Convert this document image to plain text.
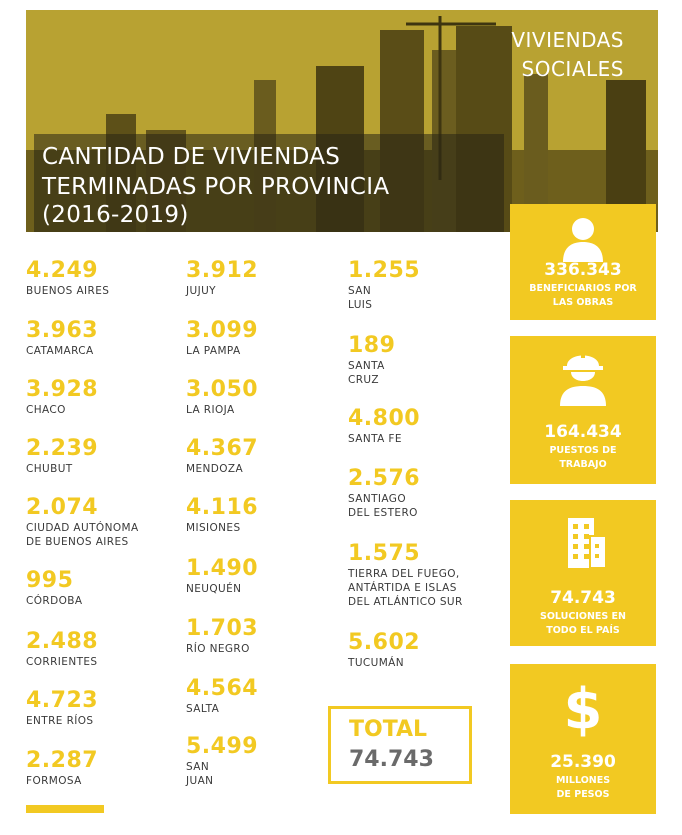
CANTIDAD DE VIVIENDAS
TERMINADAS POR PROVINCIA
(2016-2019)
VIVIENDAS
SOCIALES
4.249
BUENOS AIRES
3.963
CATAMARCA
3.928
CHACO
2.239
CHUBUT
2.074
CIUDAD AUTÓNOMA
DE BUENOS AIRES
995
CÓRDOBA
2.488
CORRIENTES
4.723
ENTRE RÍOS
2.287
FORMOSA
3.912
JUJUY
3.099
LA PAMPA
3.050
LA RIOJA
4.367
MENDOZA
4.116
MISIONES
1.490
NEUQUÉN
1.703
RÍO NEGRO
4.564
SALTA
5.499
SAN
JUAN
1.255
SAN
LUIS
189
SANTA
CRUZ
4.800
SANTA FE
2.576
SANTIAGO
DEL ESTERO
1.575
TIERRA DEL FUEGO,
ANTÁRTIDA E ISLAS
DEL ATLÁNTICO SUR
5.602
TUCUMÁN
TOTAL
74.743
336.343
BENEFICIARIOS POR
LAS OBRAS
164.434
PUESTOS DE
TRABAJO
74.743
SOLUCIONES EN
TODO EL PAÍS
$
25.390
MILLONES
DE PESOS
